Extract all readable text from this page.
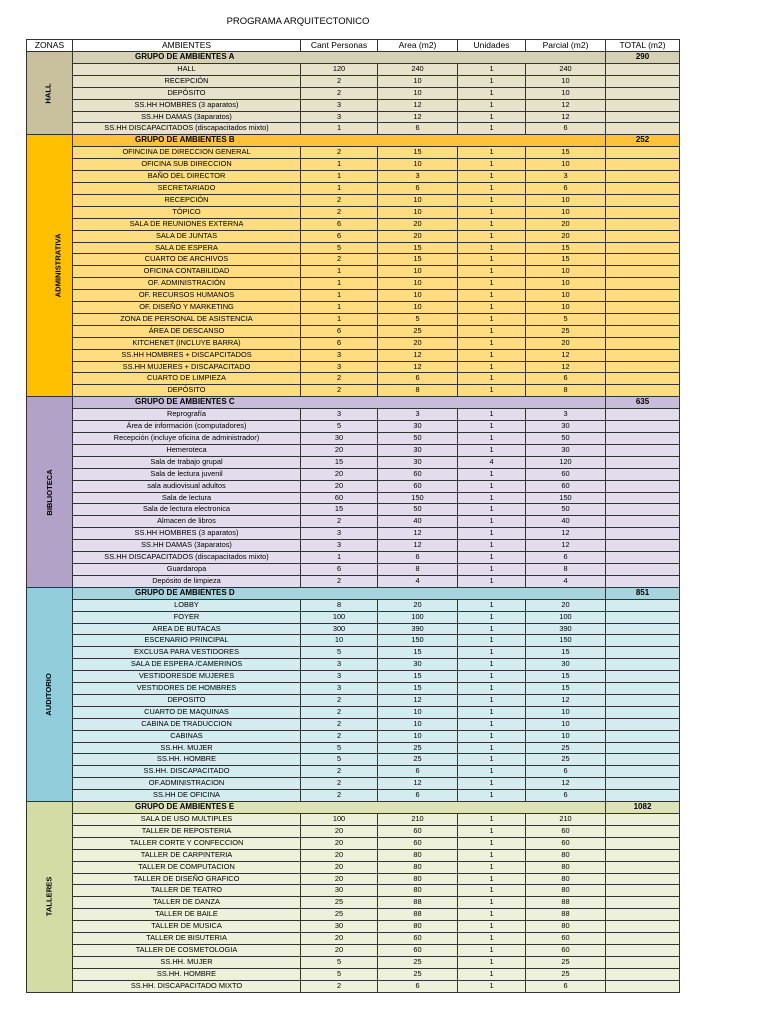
PROGRAMA ARQUITECTONICO
ZONAS	AMBIENTES	Cant Personas	Area (m2)	Unidades	Parcial (m2)	TOTAL (m2)
HALL	GRUPO DE AMBIENTES A					290
	HALL	120	240	1	240	
	RECEPCIÓN	2	10	1	10	
	DEPÓSITO	2	10	1	10	
	SS.HH HOMBRES (3 aparatos)	3	12	1	12	
	SS.HH DAMAS (3aparatos)	3	12	1	12	
	SS.HH DISCAPACITADOS (discapacitados mixto)	1	6	1	6	
ADMINISTRATIVA	GRUPO DE AMBIENTES B					252
	OFINCINA DE DIRECCION GENERAL	2	15	1	15	
	OFICINA SUB DIRECCION	1	10	1	10	
	BAÑO DEL DIRECTOR	1	3	1	3	
	SECRETARIADO	1	6	1	6	
	RECEPCIÓN	2	10	1	10	
	TÓPICO	2	10	1	10	
	SALA DE REUNIONES EXTERNA	6	20	1	20	
	SALA DE JUNTAS	6	20	1	20	
	SALA DE ESPERA	5	15	1	15	
	CUARTO DE ARCHIVOS	2	15	1	15	
	OFICINA CONTABILIDAD	1	10	1	10	
	OF. ADMINISTRACIÓN	1	10	1	10	
	OF. RECURSOS HUMANOS	1	10	1	10	
	OF. DISEÑO Y MARKETING	1	10	1	10	
	ZONA DE PERSONAL DE ASISTENCIA	1	5	1	5	
	ÁREA DE DESCANSO	6	25	1	25	
	KITCHENET (INCLUYE BARRA)	6	20	1	20	
	SS.HH HOMBRES + DISCAPCITADOS	3	12	1	12	
	SS.HH MUJERES + DISCAPACITADO	3	12	1	12	
	CUARTO DE LIMPIEZA	2	6	1	6	
	DEPÓSITO	2	8	1	8	
BIBLIOTECA	GRUPO DE AMBIENTES C					635
	Reprografía	3	3	1	3	
	Área de información (computadores)	5	30	1	30	
	Recepción (incluye oficina de administrador)	30	50	1	50	
	Hemeroteca	20	30	1	30	
	Sala de trabajo grupal	15	30	4	120	
	Sala de lectura juvenil	20	60	1	60	
	sala audiovisual adultos	20	60	1	60	
	Sala de lectura	60	150	1	150	
	Sala de lectura electronica	15	50	1	50	
	Almacen de libros	2	40	1	40	
	SS.HH HOMBRES (3 aparatos)	3	12	1	12	
	SS.HH DAMAS (3aparatos)	3	12	1	12	
	SS.HH DISCAPACITADOS (discapacitados mixto)	1	6	1	6	
	Guardaropa	6	8	1	8	
	Depósito de limpieza	2	4	1	4	
AUDITORIO	GRUPO DE AMBIENTES D					851
	LOBBY	8	20	1	20	
	FOYER	100	100	1	100	
	AREA DE BUTACAS	300	390	1	390	
	ESCENARIO PRINCIPAL	10	150	1	150	
	EXCLUSA PARA VESTIDORES	5	15	1	15	
	SALA DE ESPERA /CAMERINOS	3	30	1	30	
	VESTIDORESDE MUJERES	3	15	1	15	
	VESTIDORES DE HOMBRES	3	15	1	15	
	DEPOSITO	2	12	1	12	
	CUARTO DE MAQUINAS	2	10	1	10	
	CABINA DE TRADUCCION	2	10	1	10	
	CABINAS	2	10	1	10	
	SS.HH. MUJER	5	25	1	25	
	SS.HH. HOMBRE	5	25	1	25	
	SS.HH. DISCAPACITADO	2	6	1	6	
	OF.ADMINISTRACION	2	12	1	12	
	SS.HH DE OFICINA	2	6	1	6	
TALLERES	GRUPO DE AMBIENTES E					1082
	SALA DE USO MULTIPLES	100	210	1	210	
	TALLER DE REPOSTERIA	20	60	1	60	
	TALLER CORTE Y CONFECCION	20	60	1	60	
	TALLER DE CARPINTERIA	20	80	1	80	
	TALLER DE COMPUTACION	20	80	1	80	
	TALLER DE DISEÑO GRAFICO	20	80	1	80	
	TALLER DE TEATRO	30	80	1	80	
	TALLER DE DANZA	25	88	1	88	
	TALLER DE BAILE	25	88	1	88	
	TALLER DE MUSICA	30	80	1	80	
	TALLER DE BISUTERIA	20	60	1	60	
	TALLER DE COSMETOLOGIA	20	60	1	60	
	SS.HH. MUJER	5	25	1	25	
	SS.HH. HOMBRE	5	25	1	25	
	SS.HH. DISCAPACITADO MIXTO	2	6	1	6	
